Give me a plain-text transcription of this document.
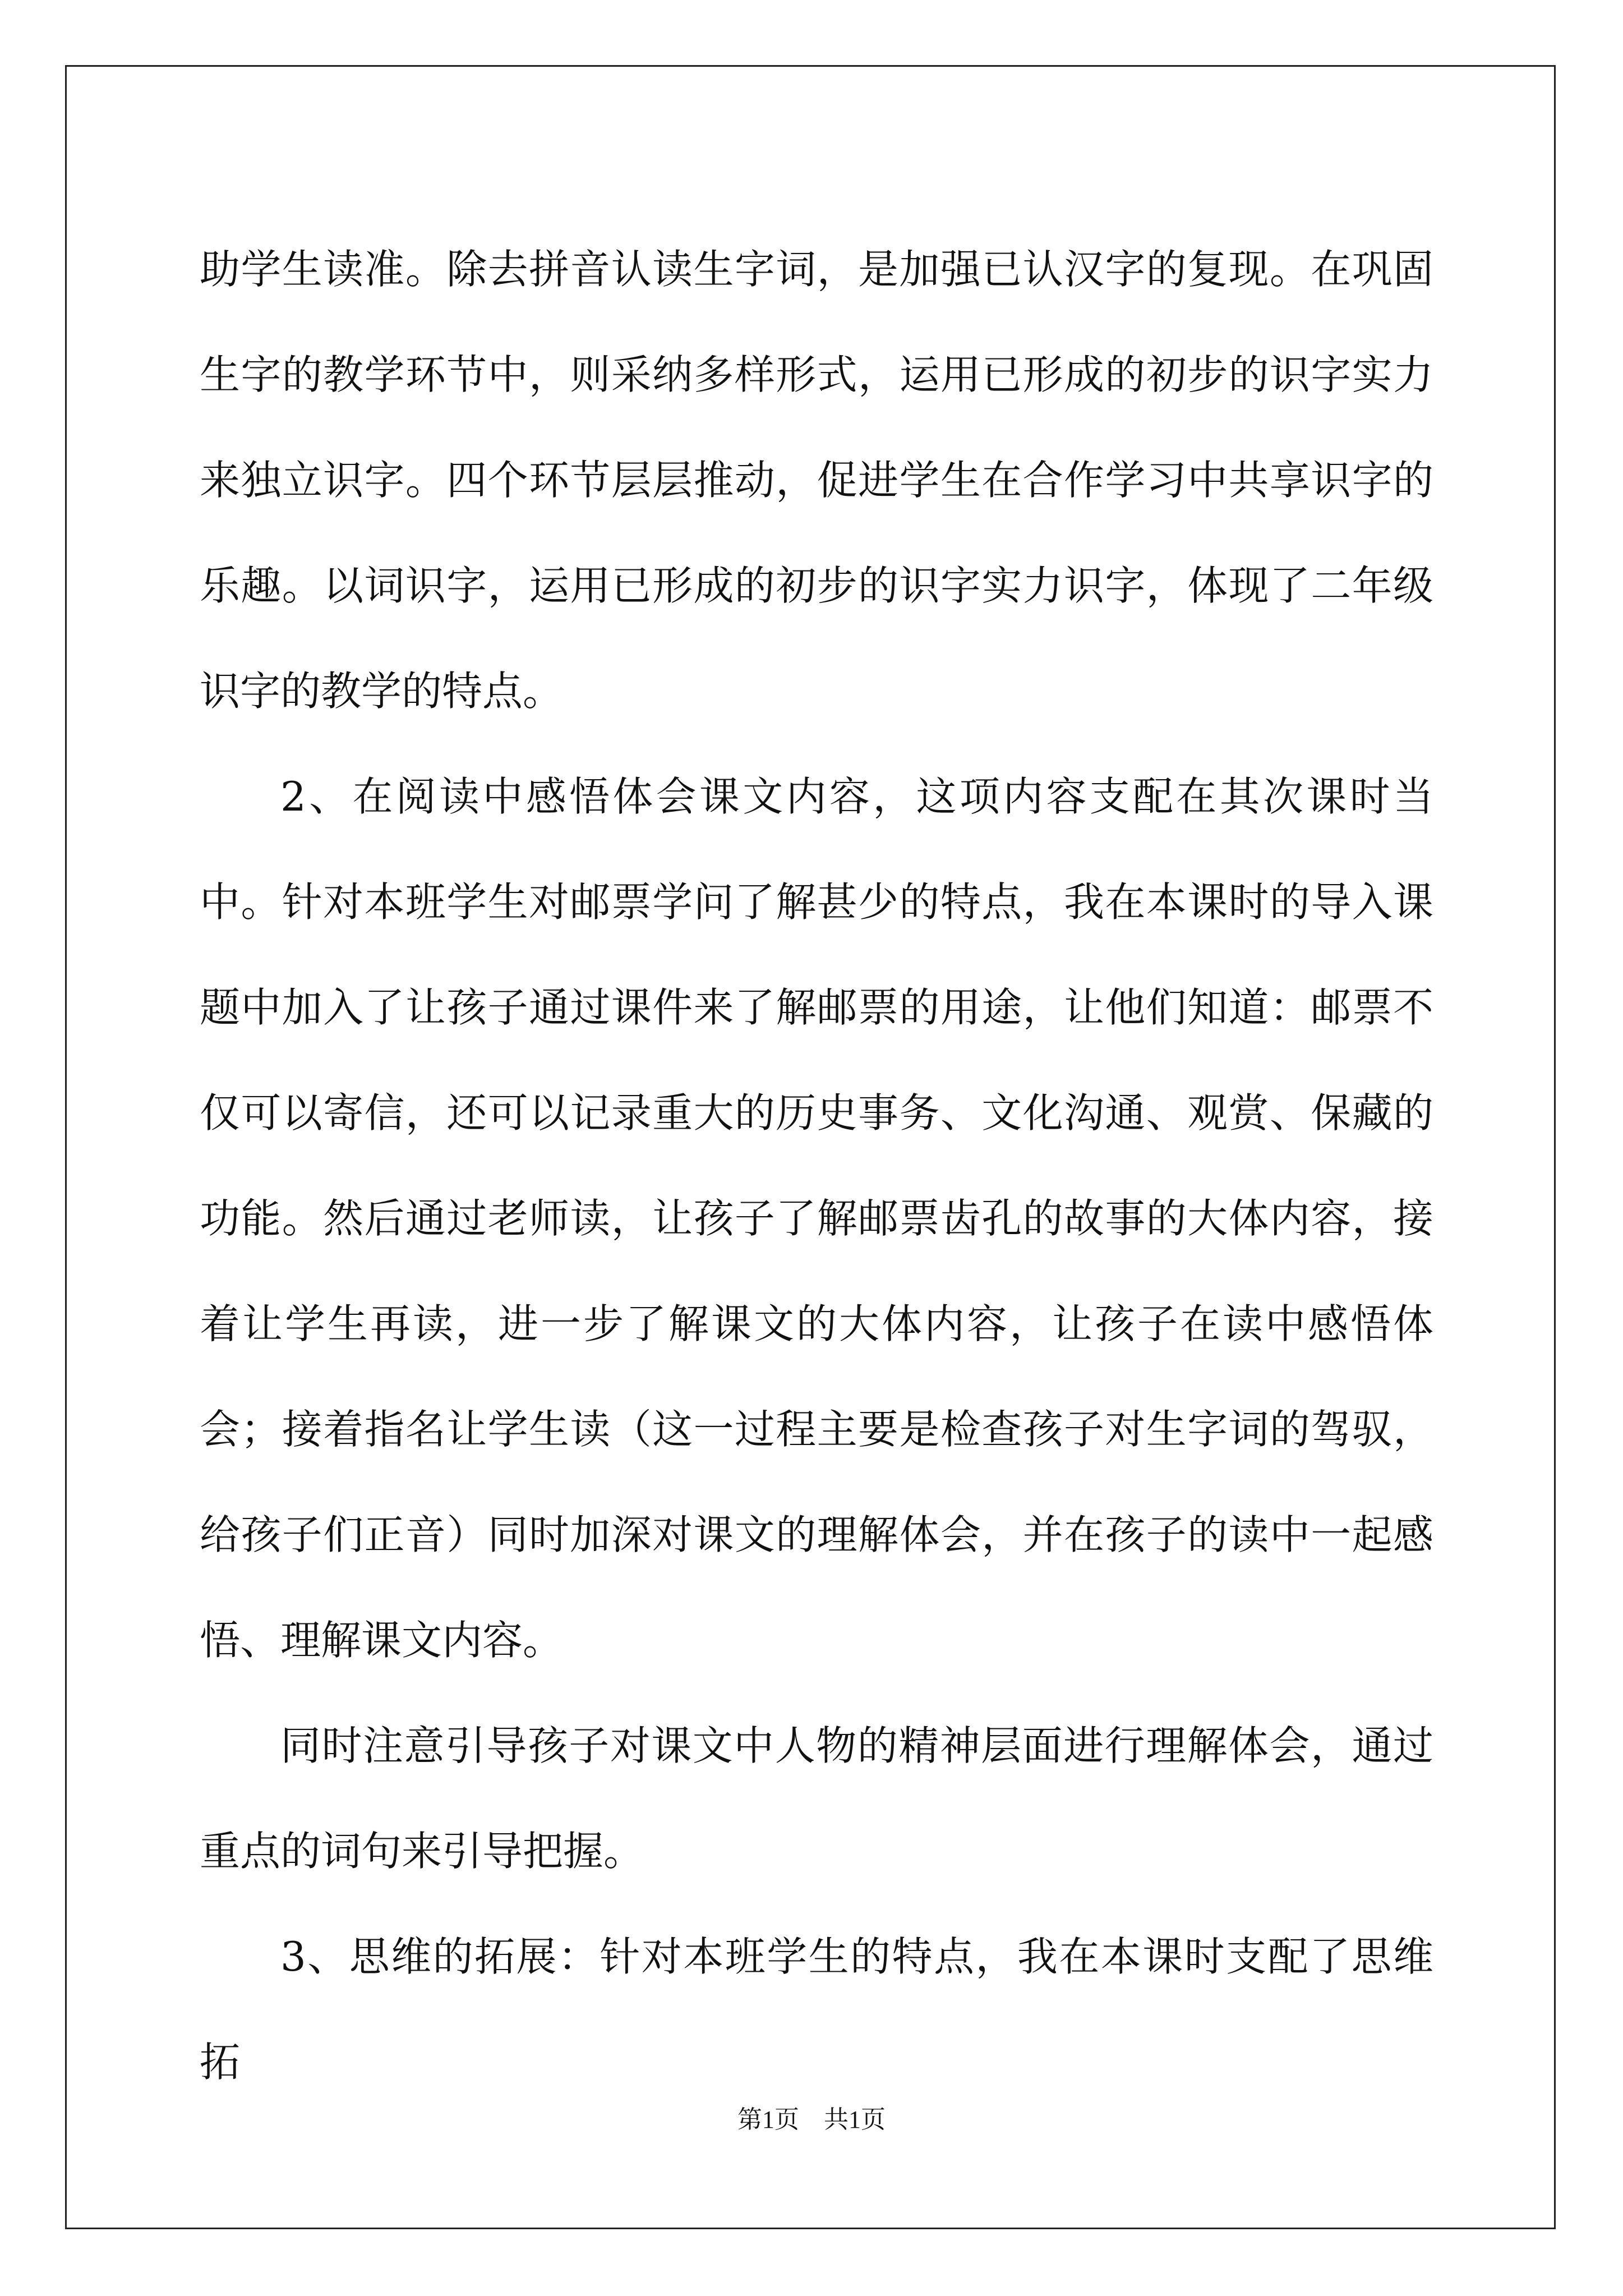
助学生读准。除去拼音认读生字词，是加强已认汉字的复现。在巩固生字的教学环节中，则采纳多样形式，运用已形成的初步的识字实力来独立识字。四个环节层层推动，促进学生在合作学习中共享识字的乐趣。以词识字，运用已形成的初步的识字实力识字，体现了二年级识字的教学的特点。

2、在阅读中感悟体会课文内容，这项内容支配在其次课时当中。针对本班学生对邮票学问了解甚少的特点，我在本课时的导入课题中加入了让孩子通过课件来了解邮票的用途，让他们知道：邮票不仅可以寄信，还可以记录重大的历史事务、文化沟通、观赏、保藏的功能。然后通过老师读，让孩子了解邮票齿孔的故事的大体内容，接着让学生再读，进一步了解课文的大体内容，让孩子在读中感悟体会；接着指名让学生读（这一过程主要是检查孩子对生字词的驾驭，给孩子们正音）同时加深对课文的理解体会，并在孩子的读中一起感悟、理解课文内容。

同时注意引导孩子对课文中人物的精神层面进行理解体会，通过重点的词句来引导把握。

3、思维的拓展：针对本班学生的特点，我在本课时支配了思维拓

第1页　共1页
